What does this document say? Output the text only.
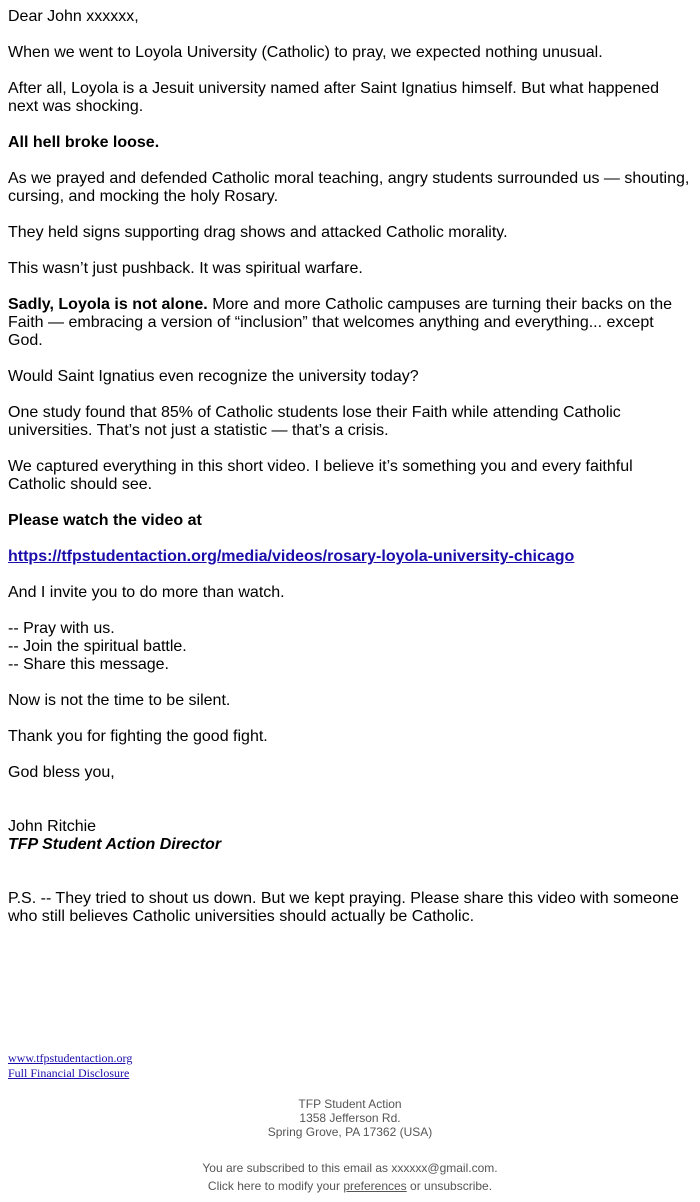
Dear John xxxxxx,

When we went to Loyola University (Catholic) to pray, we expected nothing unusual.

After all, Loyola is a Jesuit university named after Saint Ignatius himself. But what happened next was shocking.

All hell broke loose.

As we prayed and defended Catholic moral teaching, angry students surrounded us — shouting, cursing, and mocking the holy Rosary.

They held signs supporting drag shows and attacked Catholic morality.

This wasn’t just pushback. It was spiritual warfare.

Sadly, Loyola is not alone. More and more Catholic campuses are turning their backs on the Faith — embracing a version of “inclusion” that welcomes anything and everything... except God.

Would Saint Ignatius even recognize the university today?

One study found that 85% of Catholic students lose their Faith while attending Catholic universities. That’s not just a statistic — that’s a crisis.

We captured everything in this short video. I believe it’s something you and every faithful Catholic should see.

Please watch the video at

https://tfpstudentaction.org/media/videos/rosary-loyola-university-chicago

And I invite you to do more than watch.

-- Pray with us.
-- Join the spiritual battle.
-- Share this message.

Now is not the time to be silent.

Thank you for fighting the good fight.

God bless you,

John Ritchie
TFP Student Action Director

P.S. -- They tried to shout us down. But we kept praying. Please share this video with someone who still believes Catholic universities should actually be Catholic.

www.tfpstudentaction.org
Full Financial Disclosure
TFP Student Action
1358 Jefferson Rd.
Spring Grove, PA 17362 (USA)
You are subscribed to this email as xxxxxx@gmail.com.
Click here to modify your preferences or unsubscribe.
